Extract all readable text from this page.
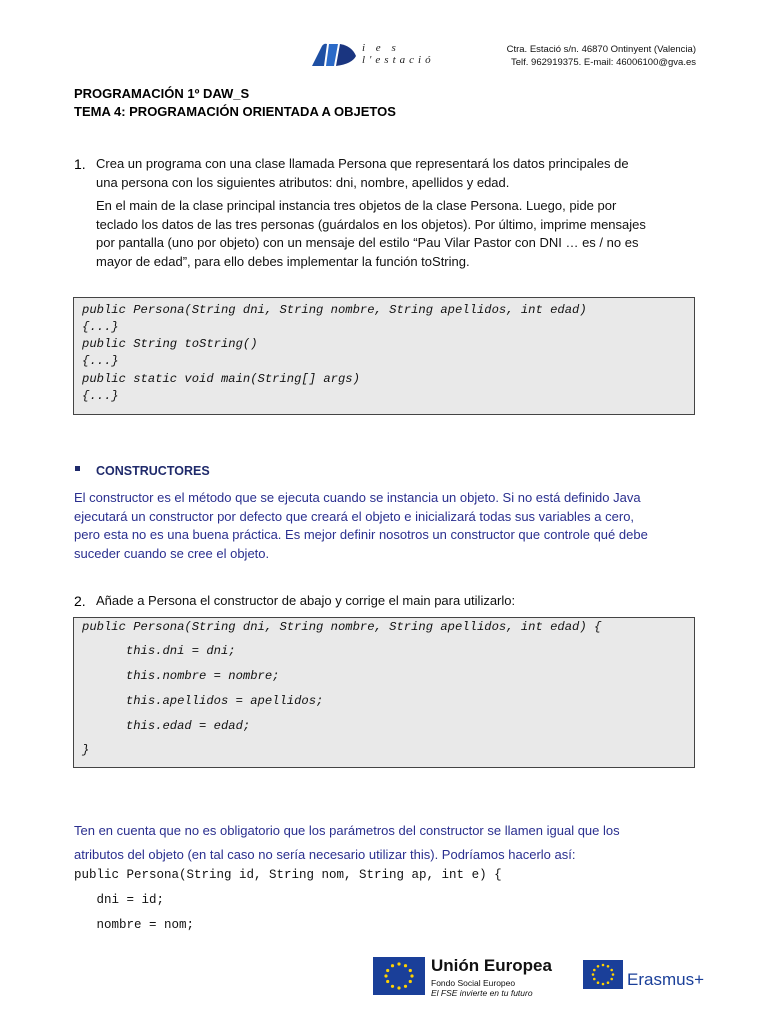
i e s
l'estació
Ctra. Estació s/n. 46870 Ontinyent (Valencia)
Telf. 962919375. E-mail: 46006100@gva.es
PROGRAMACIÓN 1º DAW_S
TEMA 4: PROGRAMACIÓN ORIENTADA A OBJETOS
1. Crea un programa con una clase llamada Persona que representará los datos principales de
una persona con los siguientes atributos: dni, nombre, apellidos y edad.
En el main de la clase principal instancia tres objetos de la clase Persona. Luego, pide por
teclado los datos de las tres personas (guárdalos en los objetos). Por último, imprime mensajes
por pantalla (uno por objeto) con un mensaje del estilo “Pau Vilar Pastor con DNI … es / no es
mayor de edad”, para ello debes implementar la función toString.
public Persona(String dni, String nombre, String apellidos, int edad)
{...}
public String toString()
{...}
public static void main(String[] args)
{...}
CONSTRUCTORES
El constructor es el método que se ejecuta cuando se instancia un objeto. Si no está definido Java
ejecutará un constructor por defecto que creará el objeto e inicializará todas sus variables a cero,
pero esta no es una buena práctica. Es mejor definir nosotros un constructor que controle qué debe
suceder cuando se cree el objeto.
2. Añade a Persona el constructor de abajo y corrige el main para utilizarlo:
public Persona(String dni, String nombre, String apellidos, int edad) {
this.dni = dni;
this.nombre = nombre;
this.apellidos = apellidos;
this.edad = edad;
}
Ten en cuenta que no es obligatorio que los parámetros del constructor se llamen igual que los
atributos del objeto (en tal caso no sería necesario utilizar this). Podríamos hacerlo así:
public Persona(String id, String nom, String ap, int e) {
dni = id;
nombre = nom;
Unión Europea
Fondo Social Europeo
El FSE invierte en tu futuro
Erasmus+
